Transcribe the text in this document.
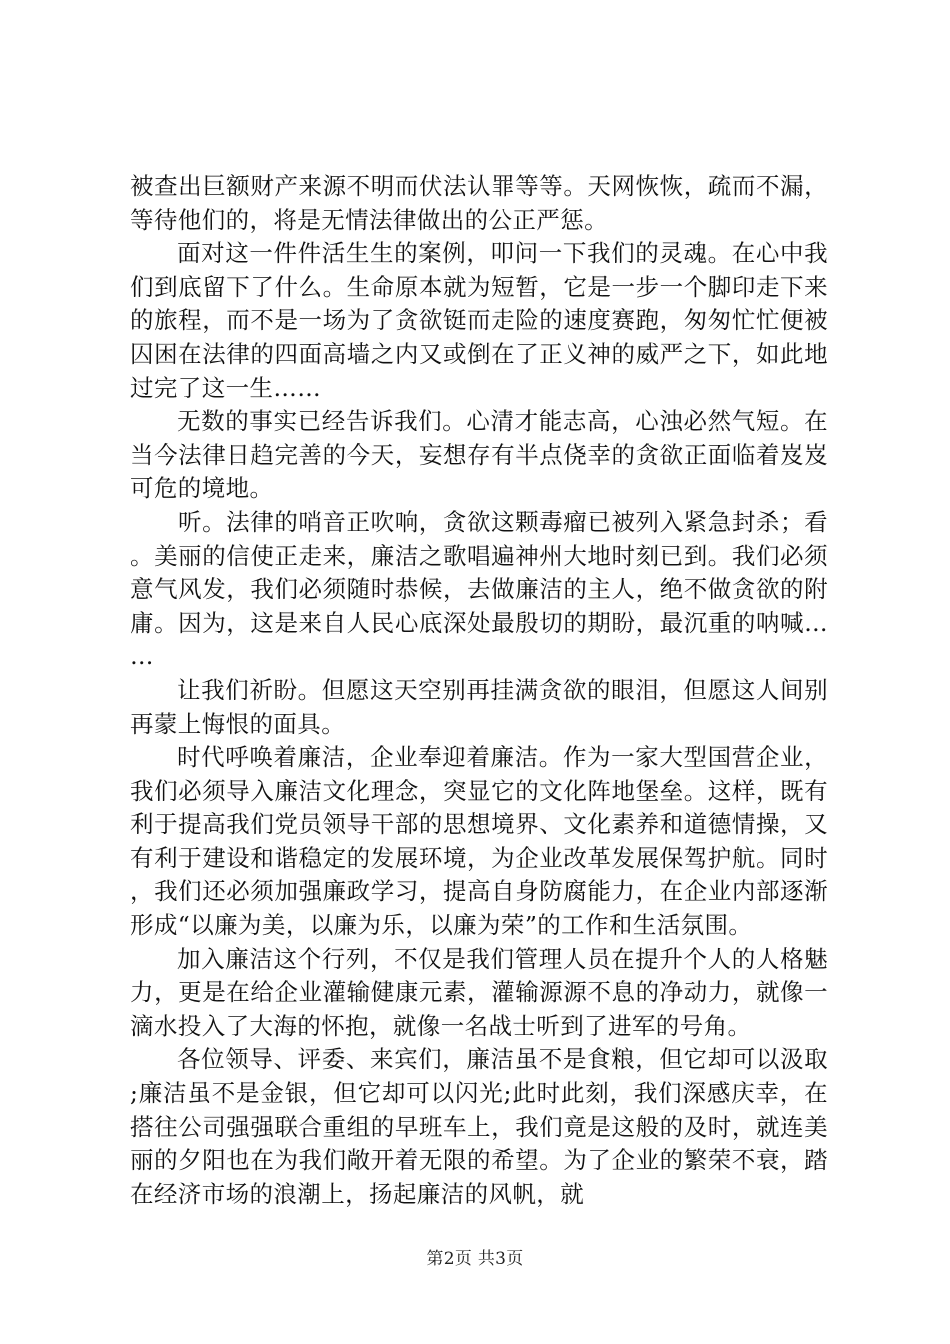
被查出巨额财产来源不明而伏法认罪等等。天网恢恢，疏而不漏，等待他们的，将是无情法律做出的公正严惩。

面对这一件件活生生的案例，叩问一下我们的灵魂。在心中我们到底留下了什么。生命原本就为短暂，它是一步一个脚印走下来的旅程，而不是一场为了贪欲铤而走险的速度赛跑，匆匆忙忙便被囚困在法律的四面高墙之内又或倒在了正义神的威严之下，如此地过完了这一生……

无数的事实已经告诉我们。心清才能志高，心浊必然气短。在当今法律日趋完善的今天，妄想存有半点侥幸的贪欲正面临着岌岌可危的境地。

听。法律的哨音正吹响，贪欲这颗毒瘤已被列入紧急封杀；看。美丽的信使正走来，廉洁之歌唱遍神州大地时刻已到。我们必须意气风发，我们必须随时恭候，去做廉洁的主人，绝不做贪欲的附庸。因为，这是来自人民心底深处最殷切的期盼，最沉重的呐喊……

让我们祈盼。但愿这天空别再挂满贪欲的眼泪，但愿这人间别再蒙上悔恨的面具。

时代呼唤着廉洁，企业奉迎着廉洁。作为一家大型国营企业，我们必须导入廉洁文化理念，突显它的文化阵地堡垒。这样，既有利于提高我们党员领导干部的思想境界、文化素养和道德情操，又有利于建设和谐稳定的发展环境，为企业改革发展保驾护航。同时，我们还必须加强廉政学习，提高自身防腐能力，在企业内部逐渐形成“以廉为美，以廉为乐，以廉为荣”的工作和生活氛围。

加入廉洁这个行列，不仅是我们管理人员在提升个人的人格魅力，更是在给企业灌输健康元素，灌输源源不息的净动力，就像一滴水投入了大海的怀抱，就像一名战士听到了进军的号角。

各位领导、评委、来宾们，廉洁虽不是食粮，但它却可以汲取;廉洁虽不是金银，但它却可以闪光;此时此刻，我们深感庆幸，在搭往公司强强联合重组的早班车上，我们竟是这般的及时，就连美丽的夕阳也在为我们敞开着无限的希望。为了企业的繁荣不衰，踏在经济市场的浪潮上，扬起廉洁的风帆，就

第2页 共3页
